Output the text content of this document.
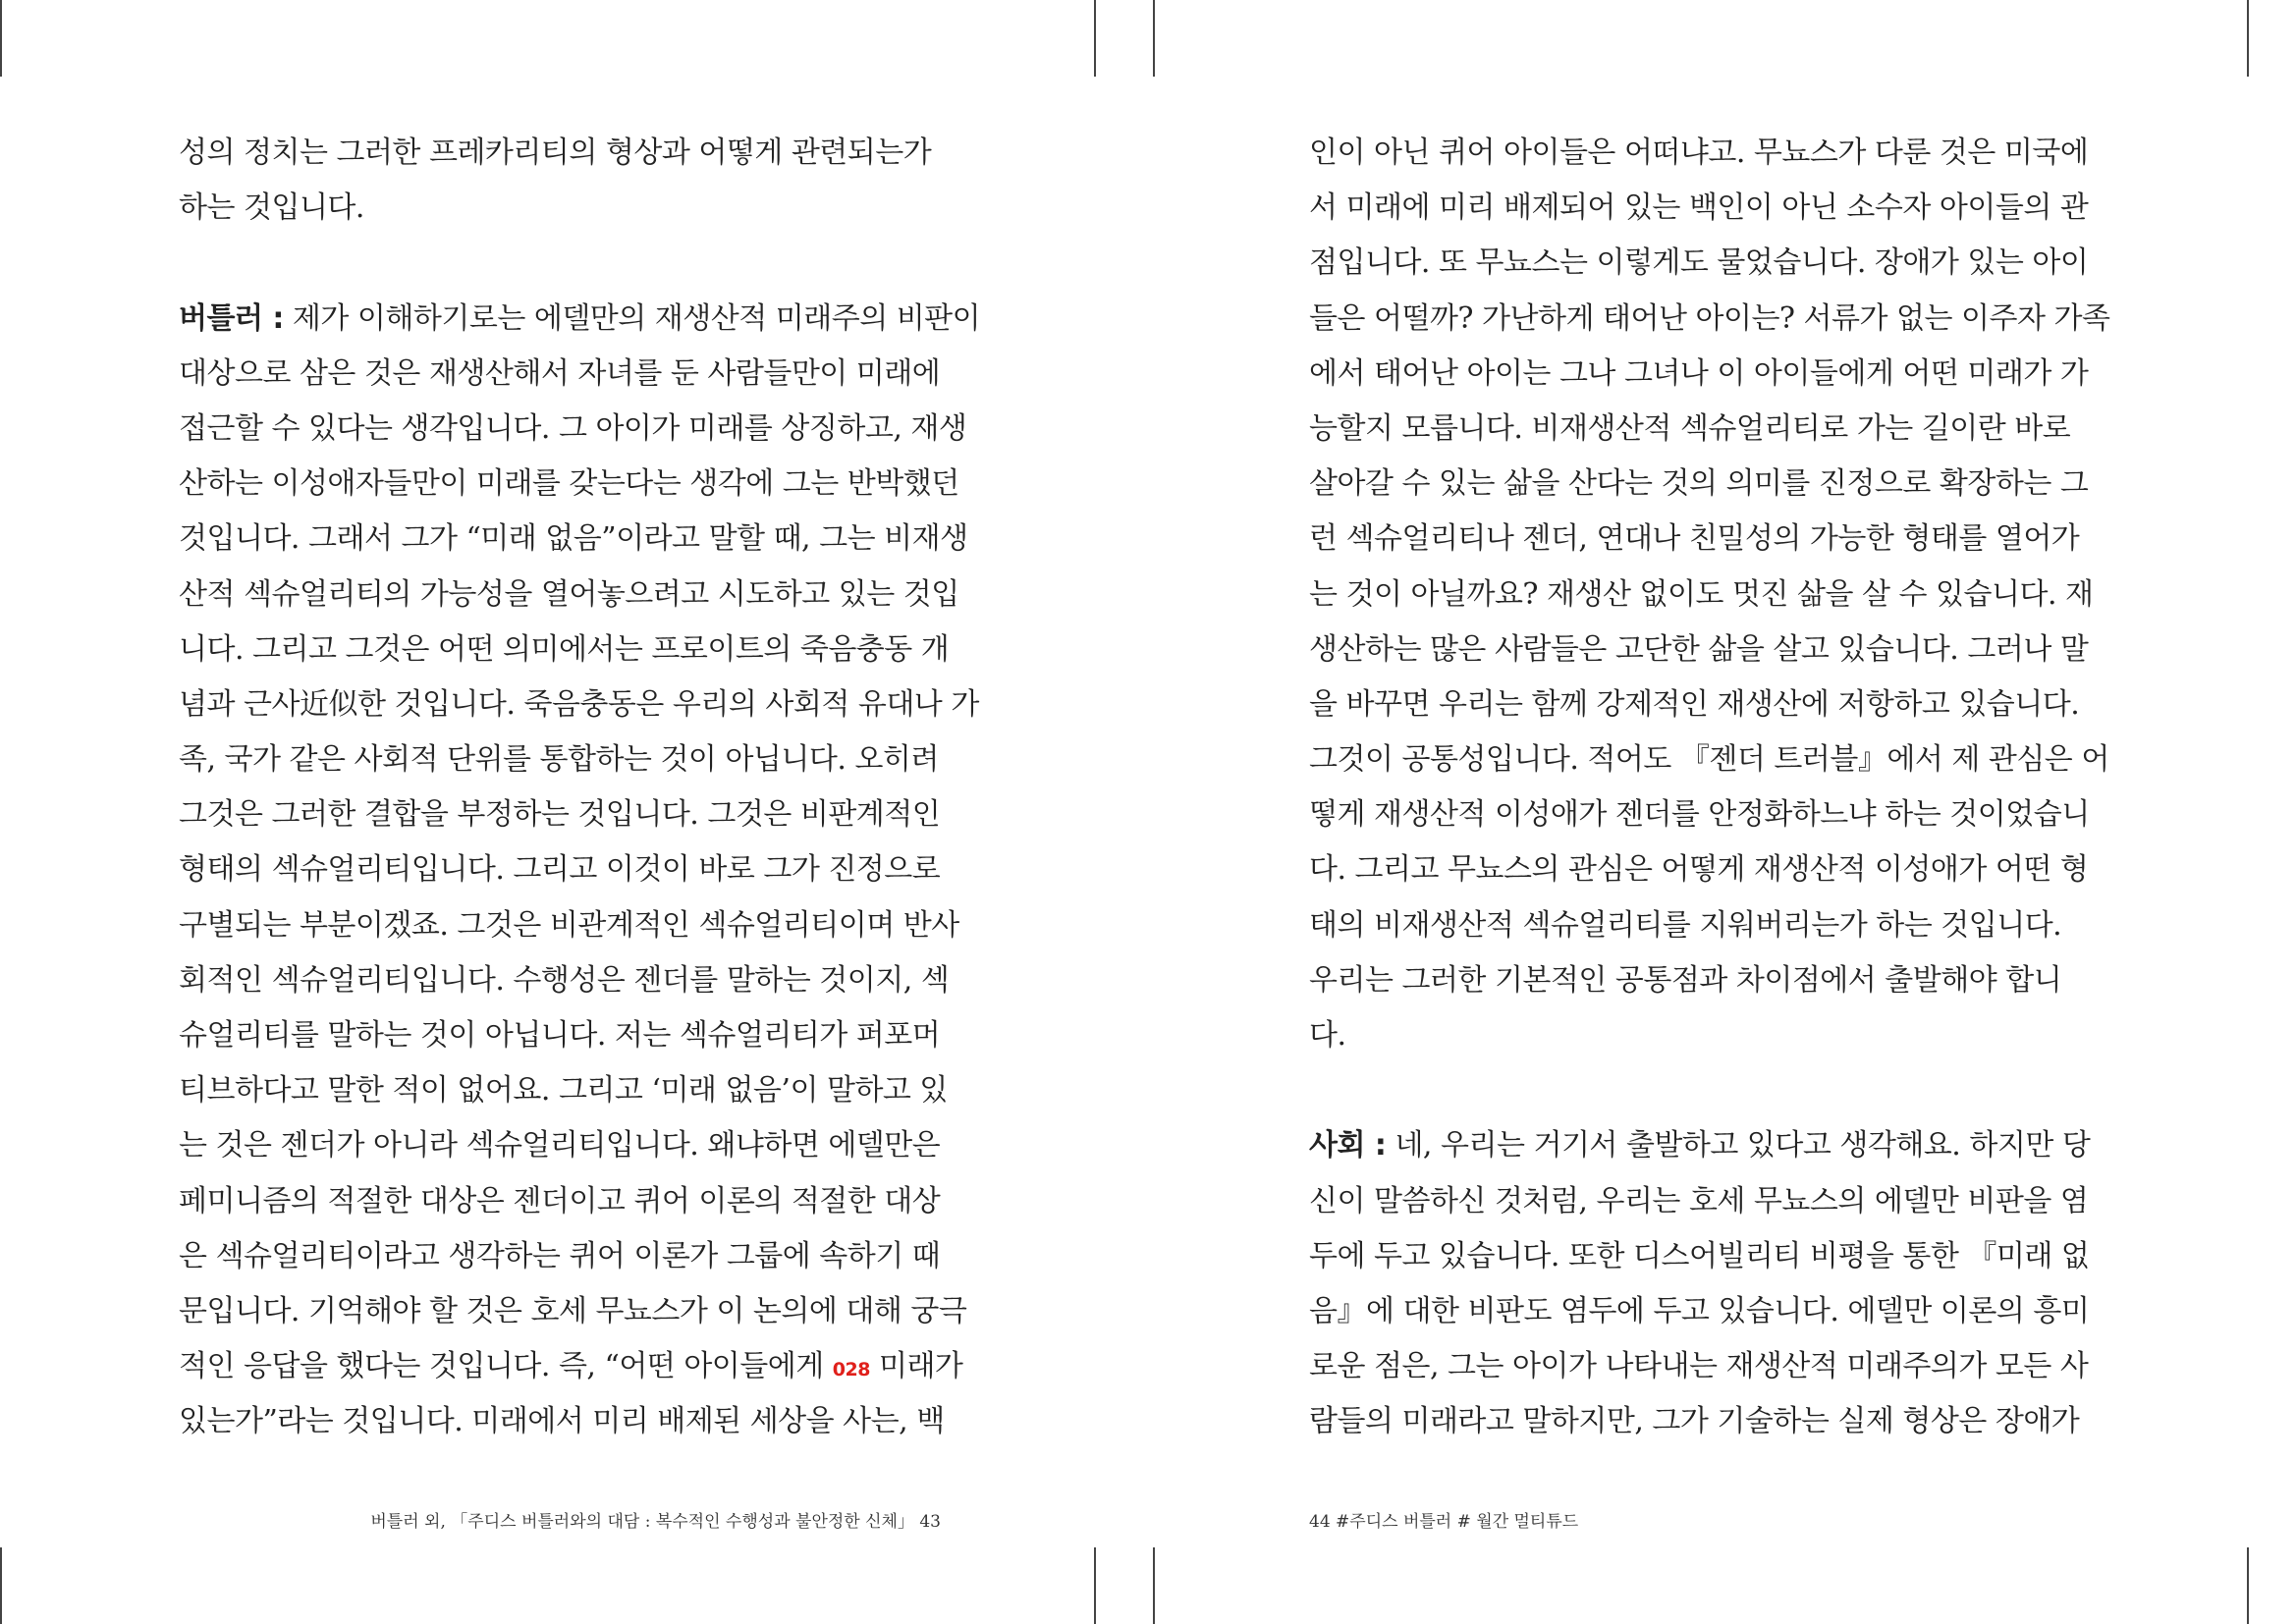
성의 정치는 그러한 프레카리티의 형상과 어떻게 관련되는가
하는 것입니다.
버틀러 : 제가 이해하기로는 에델만의 재생산적 미래주의 비판이
대상으로 삼은 것은 재생산해서 자녀를 둔 사람들만이 미래에
접근할 수 있다는 생각입니다. 그 아이가 미래를 상징하고, 재생
산하는 이성애자들만이 미래를 갖는다는 생각에 그는 반박했던
것입니다. 그래서 그가 “미래 없음”이라고 말할 때, 그는 비재생
산적 섹슈얼리티의 가능성을 열어놓으려고 시도하고 있는 것입
니다. 그리고 그것은 어떤 의미에서는 프로이트의 죽음충동 개
념과 근사近似한 것입니다. 죽음충동은 우리의 사회적 유대나 가
족, 국가 같은 사회적 단위를 통합하는 것이 아닙니다. 오히려
그것은 그러한 결합을 부정하는 것입니다. 그것은 비판계적인
형태의 섹슈얼리티입니다. 그리고 이것이 바로 그가 진정으로
구별되는 부분이겠죠. 그것은 비관계적인 섹슈얼리티이며 반사
회적인 섹슈얼리티입니다. 수행성은 젠더를 말하는 것이지, 섹
슈얼리티를 말하는 것이 아닙니다. 저는 섹슈얼리티가 퍼포머
티브하다고 말한 적이 없어요. 그리고 ‘미래 없음’이 말하고 있
는 것은 젠더가 아니라 섹슈얼리티입니다. 왜냐하면 에델만은
페미니즘의 적절한 대상은 젠더이고 퀴어 이론의 적절한 대상
은 섹슈얼리티이라고 생각하는 퀴어 이론가 그룹에 속하기 때
문입니다. 기억해야 할 것은 호세 무뇨스가 이 논의에 대해 궁극
적인 응답을 했다는 것입니다. 즉, “어떤 아이들에게 028 미래가
있는가”라는 것입니다. 미래에서 미리 배제된 세상을 사는, 백
버틀러 외, 「주디스 버틀러와의 대담 : 복수적인 수행성과 불안정한 신체」 43
인이 아닌 퀴어 아이들은 어떠냐고. 무뇨스가 다룬 것은 미국에
서 미래에 미리 배제되어 있는 백인이 아닌 소수자 아이들의 관
점입니다. 또 무뇨스는 이렇게도 물었습니다. 장애가 있는 아이
들은 어떨까? 가난하게 태어난 아이는? 서류가 없는 이주자 가족
에서 태어난 아이는 그나 그녀나 이 아이들에게 어떤 미래가 가
능할지 모릅니다. 비재생산적 섹슈얼리티로 가는 길이란 바로
살아갈 수 있는 삶을 산다는 것의 의미를 진정으로 확장하는 그
런 섹슈얼리티나 젠더, 연대나 친밀성의 가능한 형태를 열어가
는 것이 아닐까요? 재생산 없이도 멋진 삶을 살 수 있습니다. 재
생산하는 많은 사람들은 고단한 삶을 살고 있습니다. 그러나 말
을 바꾸면 우리는 함께 강제적인 재생산에 저항하고 있습니다.
그것이 공통성입니다. 적어도 『젠더 트러블』에서 제 관심은 어
떻게 재생산적 이성애가 젠더를 안정화하느냐 하는 것이었습니
다. 그리고 무뇨스의 관심은 어떻게 재생산적 이성애가 어떤 형
태의 비재생산적 섹슈얼리티를 지워버리는가 하는 것입니다.
우리는 그러한 기본적인 공통점과 차이점에서 출발해야 합니
다.
사회 : 네, 우리는 거기서 출발하고 있다고 생각해요. 하지만 당
신이 말씀하신 것처럼, 우리는 호세 무뇨스의 에델만 비판을 염
두에 두고 있습니다. 또한 디스어빌리티 비평을 통한 『미래 없
음』에 대한 비판도 염두에 두고 있습니다. 에델만 이론의 흥미
로운 점은, 그는 아이가 나타내는 재생산적 미래주의가 모든 사
람들의 미래라고 말하지만, 그가 기술하는 실제 형상은 장애가
44 #주디스 버틀러 # 월간 멀티튜드
